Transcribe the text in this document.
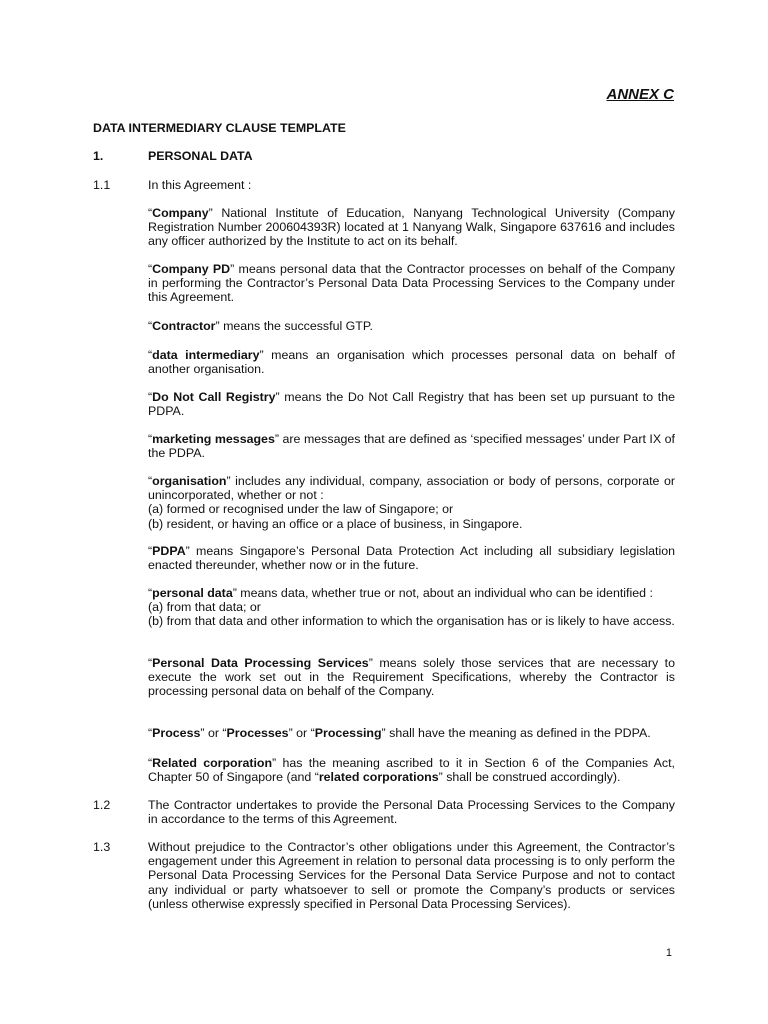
ANNEX C
DATA INTERMEDIARY CLAUSE TEMPLATE
1.	PERSONAL DATA
1.1	In this Agreement :
“Company” National Institute of Education, Nanyang Technological University (Company Registration Number 200604393R) located at 1 Nanyang Walk, Singapore 637616 and includes any officer authorized by the Institute to act on its behalf.
“Company PD” means personal data that the Contractor processes on behalf of the Company in performing the Contractor’s Personal Data Data Processing Services to the Company under this Agreement.
“Contractor” means the successful GTP.
“data intermediary” means an organisation which processes personal data on behalf of another organisation.
“Do Not Call Registry” means the Do Not Call Registry that has been set up pursuant to the PDPA.
“marketing messages” are messages that are defined as ‘specified messages’ under Part IX of the PDPA.
“organisation” includes any individual, company, association or body of persons, corporate or unincorporated, whether or not :
(a) formed or recognised under the law of Singapore; or
(b) resident, or having an office or a place of business, in Singapore.
“PDPA” means Singapore’s Personal Data Protection Act including all subsidiary legislation enacted thereunder, whether now or in the future.
“personal data” means data, whether true or not, about an individual who can be identified :
(a) from that data; or
(b) from that data and other information to which the organisation has or is likely to have access.
“Personal Data Processing Services” means solely those services that are necessary to execute the work set out in the Requirement Specifications, whereby the Contractor is processing personal data on behalf of the Company.
“Process” or “Processes” or “Processing” shall have the meaning as defined in the PDPA.
“Related corporation” has the meaning ascribed to it in Section 6 of the Companies Act, Chapter 50 of Singapore (and “related corporations” shall be construed accordingly).
1.2	The Contractor undertakes to provide the Personal Data Processing Services to the Company in accordance to the terms of this Agreement.
1.3	Without prejudice to the Contractor’s other obligations under this Agreement, the Contractor’s engagement under this Agreement in relation to personal data processing is to only perform the Personal Data Processing Services for the Personal Data Service Purpose and not to contact any individual or party whatsoever to sell or promote the Company’s products or services (unless otherwise expressly specified in Personal Data Processing Services).
1
